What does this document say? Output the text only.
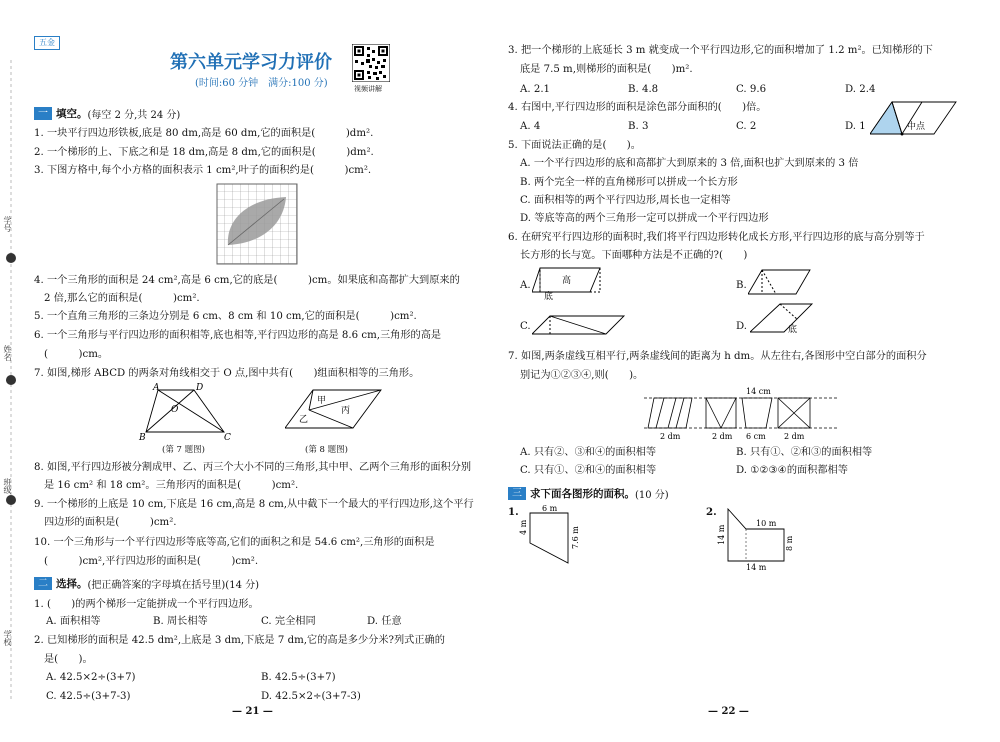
学号
姓名
班级
学校
五金
第六单元学习力评价
(时间:60 分钟　满分:100 分)	视频讲解
一 填空。 (每空 2 分,共 24 分)
1. 一块平行四边形铁板,底是 80 dm,高是 60 dm,它的面积是(　　　)dm².
2. 一个梯形的上、下底之和是 18 dm,高是 8 dm,它的面积是(　　　)dm².
3. 下图方格中,每个小方格的面积表示 1 cm²,叶子的面积约是(　　　)cm².
4. 一个三角形的面积是 24 cm²,高是 6 cm,它的底是(　　　)cm。如果底和高都扩大到原来的
2 倍,那么它的面积是(　　　)cm².
5. 一个直角三角形的三条边分别是 6 cm、8 cm 和 10 cm,它的面积是(　　　)cm².
6. 一个三角形与平行四边形的面积相等,底也相等,平行四边形的高是 8.6 cm,三角形的高是
(　　　)cm。
7. 如图,梯形 ABCD 的两条对角线相交于 O 点,图中共有(　　)组面积相等的三角形。
A	D
O
B	C
(第 7 题图)
甲
乙
丙
(第 8 题图)
8. 如图,平行四边形被分割成甲、乙、丙三个大小不同的三角形,其中甲、乙两个三角形的面积分别
是 16 cm² 和 18 cm²。三角形丙的面积是(　　　)cm².
9. 一个梯形的上底是 10 cm,下底是 16 cm,高是 8 cm,从中截下一个最大的平行四边形,这个平行
四边形的面积是(　　　)cm².
10. 一个三角形与一个平行四边形等底等高,它们的面积之和是 54.6 cm²,三角形的面积是
(　　　)cm²,平行四边形的面积是(　　　)cm².
二 选择。 (把正确答案的字母填在括号里)(14 分)
1. (　　)的两个梯形一定能拼成一个平行四边形。
A. 面积相等	B. 周长相等	C. 完全相同	D. 任意
2. 已知梯形的面积是 42.5 dm²,上底是 3 dm,下底是 7 dm,它的高是多少分米?列式正确的
是(　　)。
A. 42.5×2÷(3+7)	B. 42.5÷(3+7)
C. 42.5÷(3+7-3)	D. 42.5×2÷(3+7-3)
— 21 —
3. 把一个梯形的上底延长 3 m 就变成一个平行四边形,它的面积增加了 1.2 m²。已知梯形的下
底是 7.5 m,则梯形的面积是(　　)m².
A. 2.1	B. 4.8	C. 9.6	D. 2.4
4. 右图中,平行四边形的面积是涂色部分面积的(　　)倍。
A. 4	B. 3	C. 2	D. 1	中点
5. 下面说法正确的是(　　)。
A. 一个平行四边形的底和高都扩大到原来的 3 倍,面积也扩大到原来的 3 倍
B. 两个完全一样的直角梯形可以拼成一个长方形
C. 面积相等的两个平行四边形,周长也一定相等
D. 等底等高的两个三角形一定可以拼成一个平行四边形
6. 在研究平行四边形的面积时,我们将平行四边形转化成长方形,平行四边形的底与高分别等于
长方形的长与宽。下面哪种方法是不正确的?(　　)
A.	高
底
B.
C.	D.	底
7. 如图,两条虚线互相平行,两条虚线间的距离为 h dm。从左往右,各图形中空白部分的面积分
别记为①②③④,则(　　)。
14 cm
2 dm	2 dm 6 cm 2 dm
A. 只有②、③和④的面积相等	B. 只有①、②和③的面积相等
C. 只有①、②和④的面积相等	D. ①②③④的面积都相等
三 求下面各图形的面积。 (10 分)
1.	6 m
4 m	7.6 m
2.
10 m
14 m	8 m
14 m
— 22 —
